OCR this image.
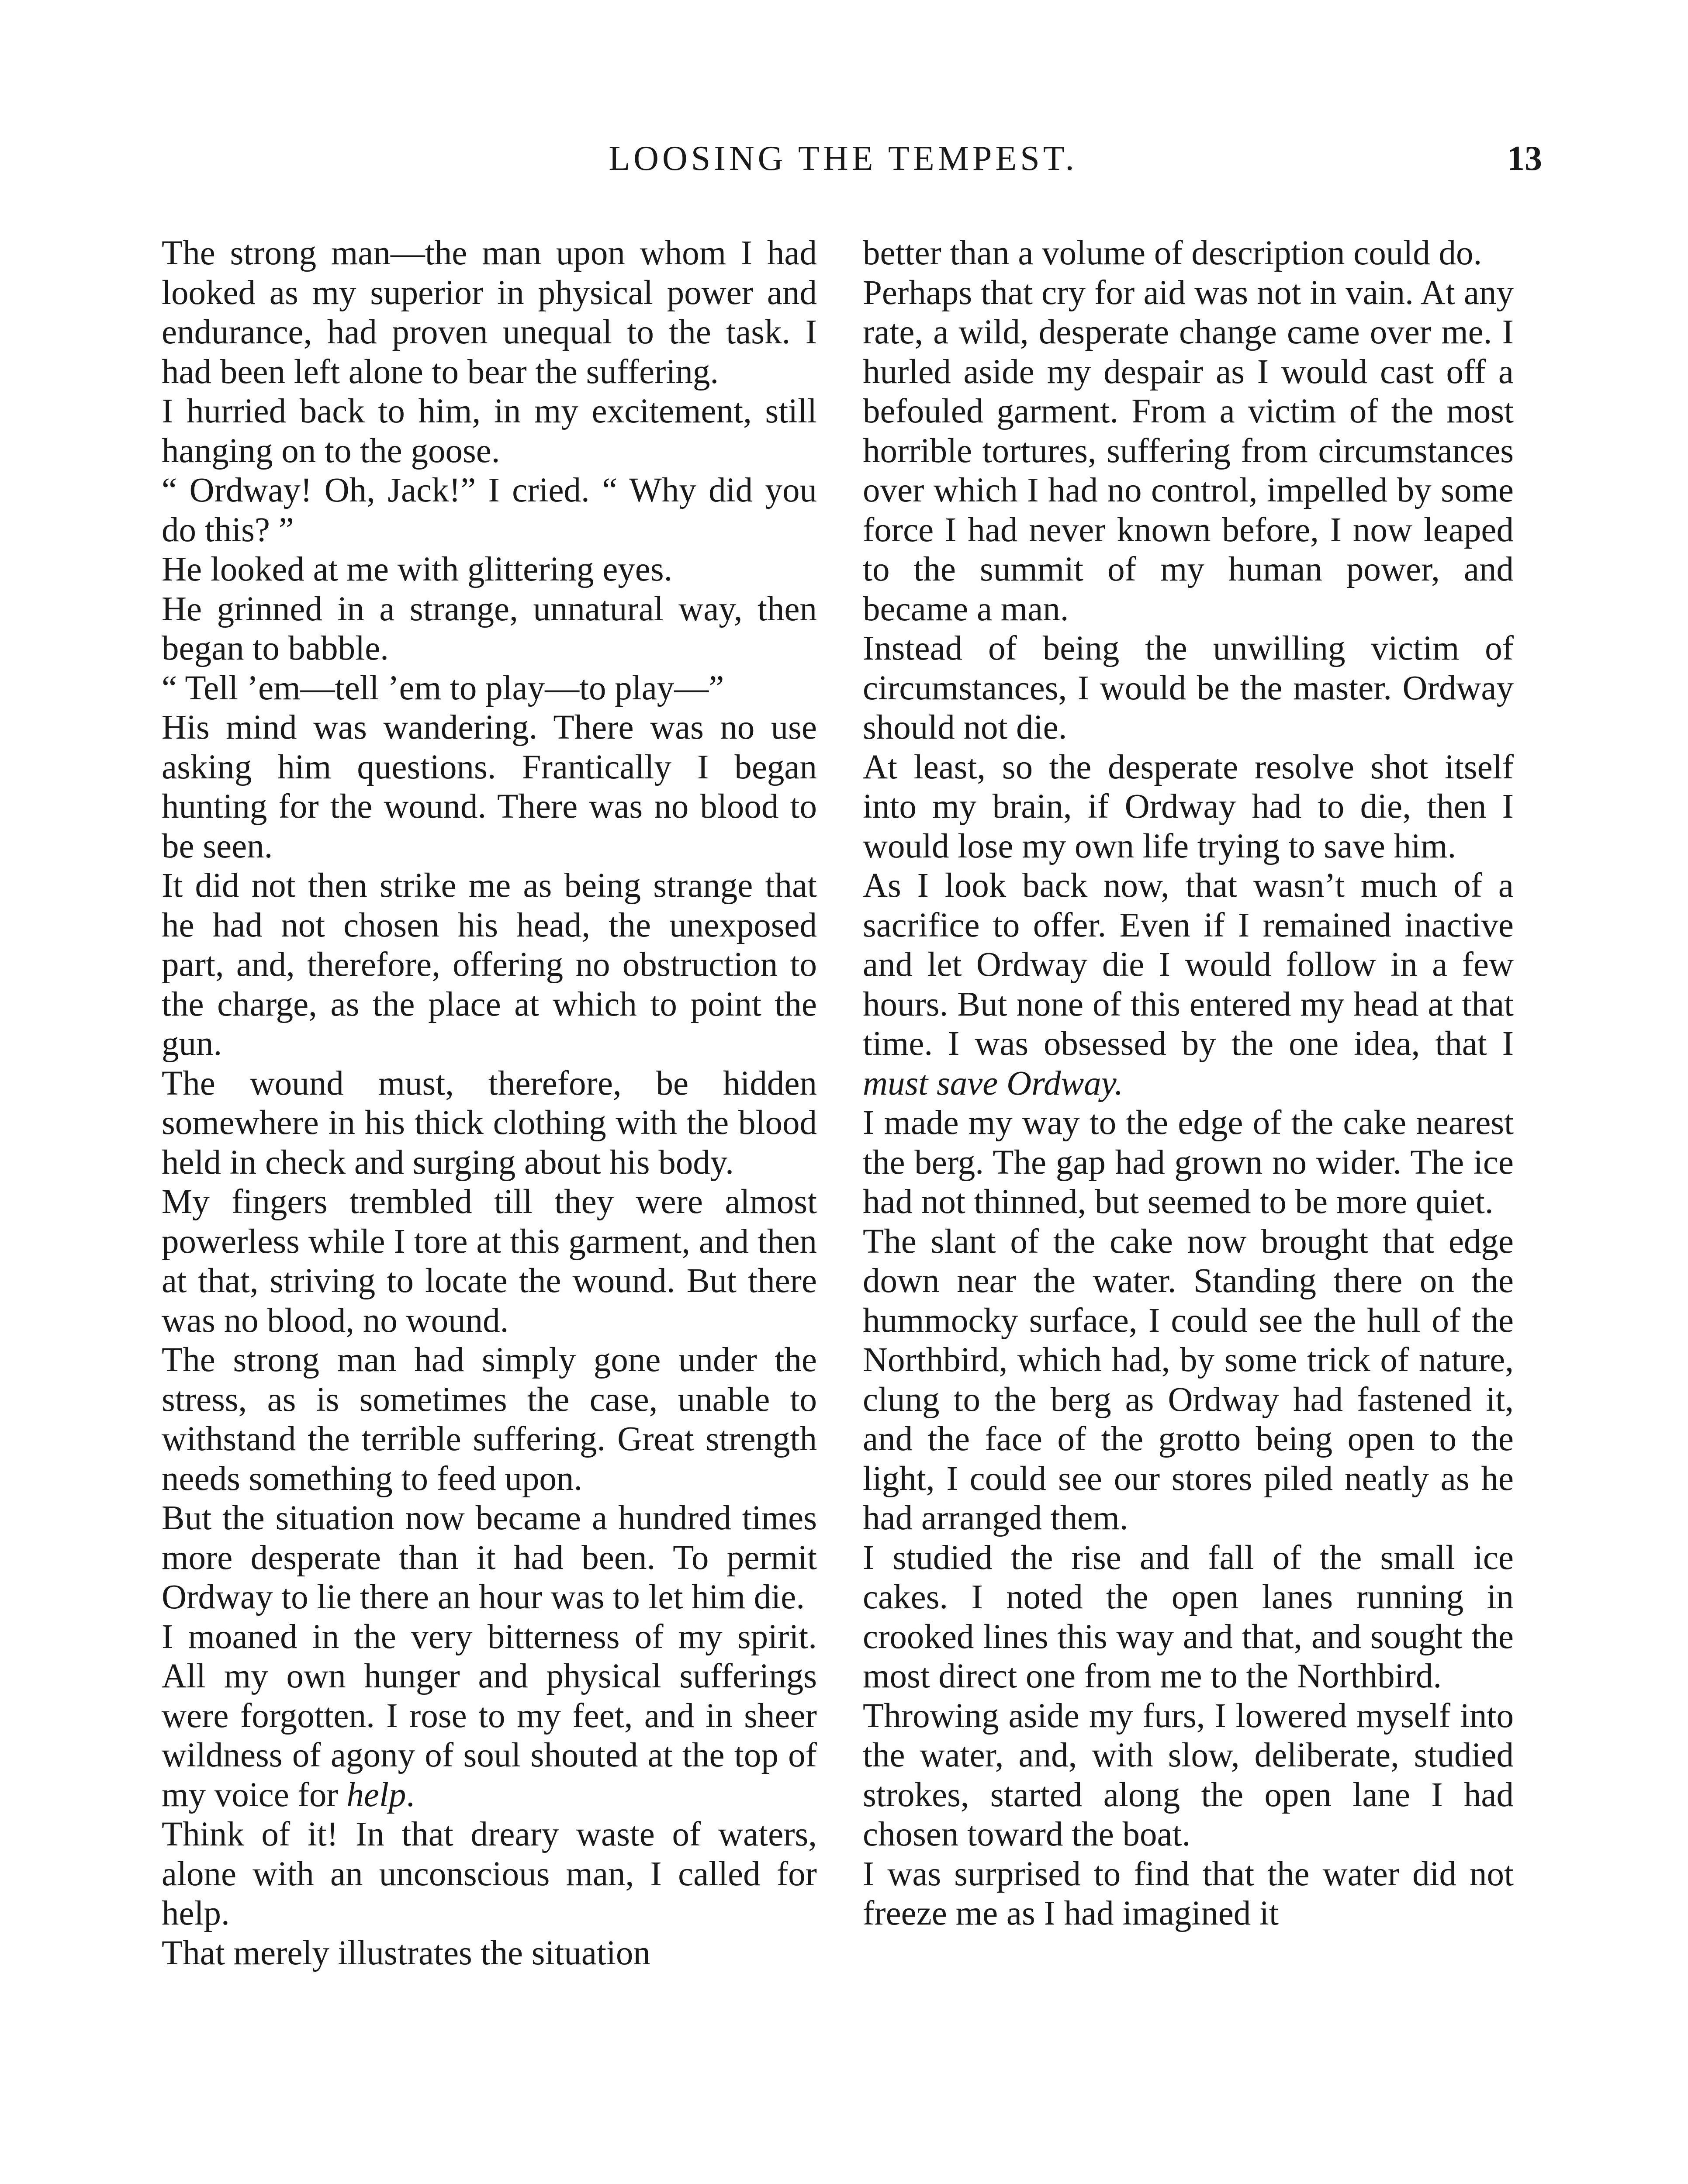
LOOSING THE TEMPEST.	13

The strong man—the man upon whom I had looked as my superior in physical power and endurance, had proven unequal to the task. I had been left alone to bear the suffering.

I hurried back to him, in my excitement, still hanging on to the goose.

“ Ordway! Oh, Jack!” I cried. “ Why did you do this? ”

He looked at me with glittering eyes.

He grinned in a strange, unnatural way, then began to babble.

“ Tell ’em—tell ’em to play—to play—”

His mind was wandering. There was no use asking him questions. Frantically I began hunting for the wound. There was no blood to be seen.

It did not then strike me as being strange that he had not chosen his head, the unexposed part, and, therefore, offering no obstruction to the charge, as the place at which to point the gun.

The wound must, therefore, be hidden somewhere in his thick clothing with the blood held in check and surging about his body.

My fingers trembled till they were almost powerless while I tore at this garment, and then at that, striving to locate the wound. But there was no blood, no wound.

The strong man had simply gone under the stress, as is sometimes the case, unable to withstand the terrible suffering. Great strength needs something to feed upon.

But the situation now became a hundred times more desperate than it had been. To permit Ordway to lie there an hour was to let him die.

I moaned in the very bitterness of my spirit. All my own hunger and physical sufferings were forgotten. I rose to my feet, and in sheer wildness of agony of soul shouted at the top of my voice for help.

Think of it! In that dreary waste of waters, alone with an unconscious man, I called for help.

That merely illustrates the situation

better than a volume of description could do.

Perhaps that cry for aid was not in vain. At any rate, a wild, desperate change came over me. I hurled aside my despair as I would cast off a befouled garment. From a victim of the most horrible tortures, suffering from circumstances over which I had no control, impelled by some force I had never known before, I now leaped to the summit of my human power, and became a man.

Instead of being the unwilling victim of circumstances, I would be the master. Ordway should not die.

At least, so the desperate resolve shot itself into my brain, if Ordway had to die, then I would lose my own life trying to save him.

As I look back now, that wasn’t much of a sacrifice to offer. Even if I remained inactive and let Ordway die I would follow in a few hours. But none of this entered my head at that time. I was obsessed by the one idea, that I must save Ordway.

I made my way to the edge of the cake nearest the berg. The gap had grown no wider. The ice had not thinned, but seemed to be more quiet.

The slant of the cake now brought that edge down near the water. Standing there on the hummocky surface, I could see the hull of the Northbird, which had, by some trick of nature, clung to the berg as Ordway had fastened it, and the face of the grotto being open to the light, I could see our stores piled neatly as he had arranged them.

I studied the rise and fall of the small ice cakes. I noted the open lanes running in crooked lines this way and that, and sought the most direct one from me to the Northbird.

Throwing aside my furs, I lowered myself into the water, and, with slow, deliberate, studied strokes, started along the open lane I had chosen toward the boat.

I was surprised to find that the water did not freeze me as I had imagined it
